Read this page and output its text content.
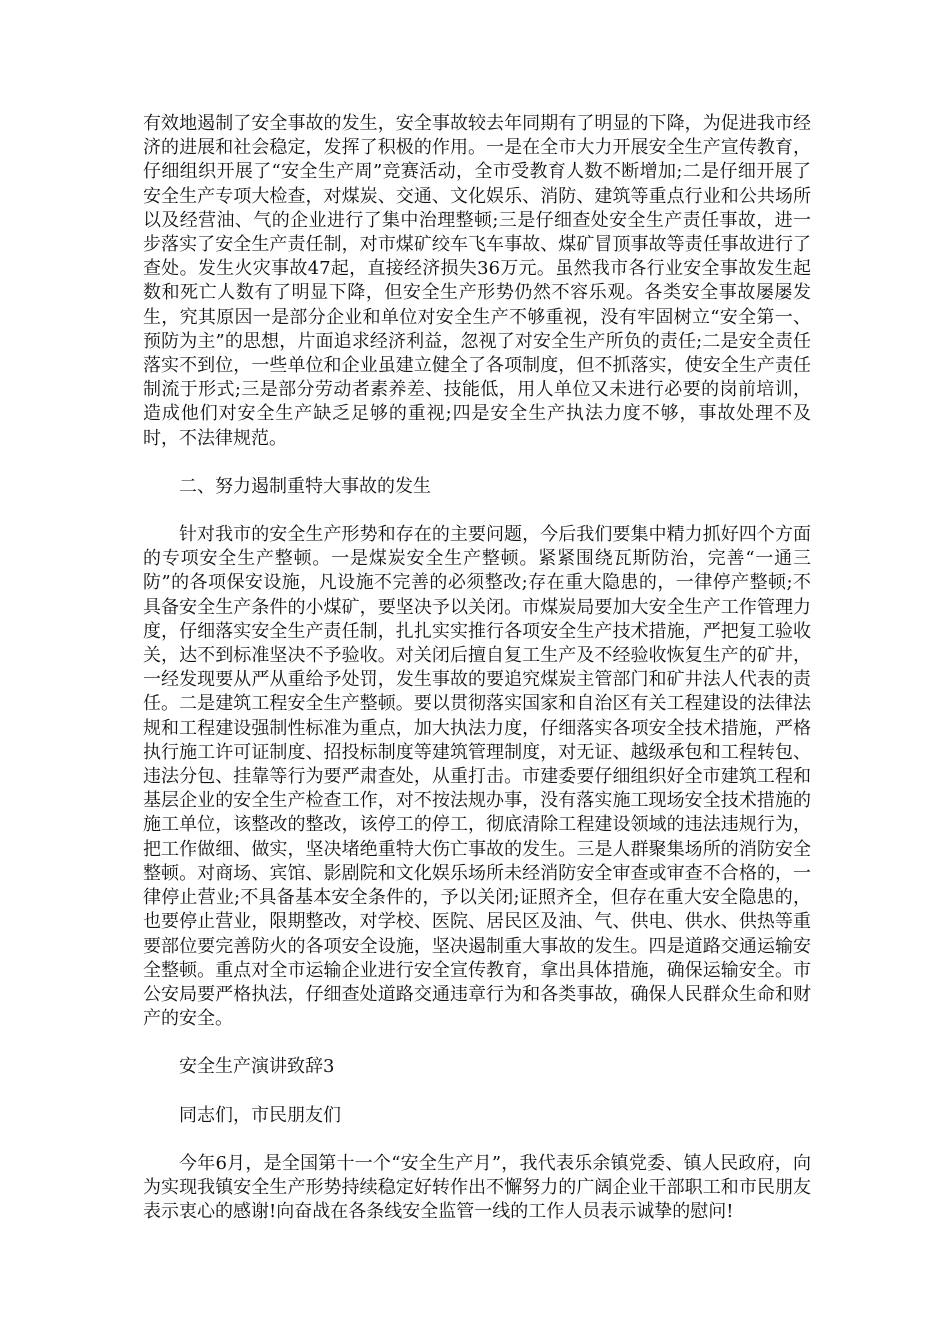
有效地遏制了安全事故的发生，安全事故较去年同期有了明显的下降，为促进我市经济的进展和社会稳定，发挥了积极的作用。一是在全市大力开展安全生产宣传教育，仔细组织开展了“安全生产周”竞赛活动，全市受教育人数不断增加;二是仔细开展了安全生产专项大检查，对煤炭、交通、文化娱乐、消防、建筑等重点行业和公共场所以及经营油、气的企业进行了集中治理整顿;三是仔细查处安全生产责任事故，进一步落实了安全生产责任制，对市煤矿绞车飞车事故、煤矿冒顶事故等责任事故进行了查处。发生火灾事故47起，直接经济损失36万元。虽然我市各行业安全事故发生起数和死亡人数有了明显下降，但安全生产形势仍然不容乐观。各类安全事故屡屡发生，究其原因一是部分企业和单位对安全生产不够重视，没有牢固树立“安全第一、预防为主”的思想，片面追求经济利益，忽视了对安全生产所负的责任;二是安全责任落实不到位，一些单位和企业虽建立健全了各项制度，但不抓落实，使安全生产责任制流于形式;三是部分劳动者素养差、技能低，用人单位又未进行必要的岗前培训，造成他们对安全生产缺乏足够的重视;四是安全生产执法力度不够，事故处理不及时，不法律规范。

二、努力遏制重特大事故的发生

针对我市的安全生产形势和存在的主要问题，今后我们要集中精力抓好四个方面的专项安全生产整顿。一是煤炭安全生产整顿。紧紧围绕瓦斯防治，完善“一通三防”的各项保安设施，凡设施不完善的必须整改;存在重大隐患的，一律停产整顿;不具备安全生产条件的小煤矿，要坚决予以关闭。市煤炭局要加大安全生产工作管理力度，仔细落实安全生产责任制，扎扎实实推行各项安全生产技术措施，严把复工验收关，达不到标准坚决不予验收。对关闭后擅自复工生产及不经验收恢复生产的矿井，一经发现要从严从重给予处罚，发生事故的要追究煤炭主管部门和矿井法人代表的责任。二是建筑工程安全生产整顿。要以贯彻落实国家和自治区有关工程建设的法律法规和工程建设强制性标准为重点，加大执法力度，仔细落实各项安全技术措施，严格执行施工许可证制度、招投标制度等建筑管理制度，对无证、越级承包和工程转包、违法分包、挂靠等行为要严肃查处，从重打击。市建委要仔细组织好全市建筑工程和基层企业的安全生产检查工作，对不按法规办事，没有落实施工现场安全技术措施的施工单位，该整改的整改，该停工的停工，彻底清除工程建设领域的违法违规行为，把工作做细、做实，坚决堵绝重特大伤亡事故的发生。三是人群聚集场所的消防安全整顿。对商场、宾馆、影剧院和文化娱乐场所未经消防安全审查或审查不合格的，一律停止营业;不具备基本安全条件的，予以关闭;证照齐全，但存在重大安全隐患的，也要停止营业，限期整改，对学校、医院、居民区及油、气、供电、供水、供热等重要部位要完善防火的各项安全设施，坚决遏制重大事故的发生。四是道路交通运输安全整顿。重点对全市运输企业进行安全宣传教育，拿出具体措施，确保运输安全。市公安局要严格执法，仔细查处道路交通违章行为和各类事故，确保人民群众生命和财产的安全。

安全生产演讲致辞3

同志们，市民朋友们

今年6月，是全国第十一个“安全生产月”，我代表乐余镇党委、镇人民政府，向为实现我镇安全生产形势持续稳定好转作出不懈努力的广阔企业干部职工和市民朋友表示衷心的感谢!向奋战在各条线安全监管一线的工作人员表示诚挚的慰问!
